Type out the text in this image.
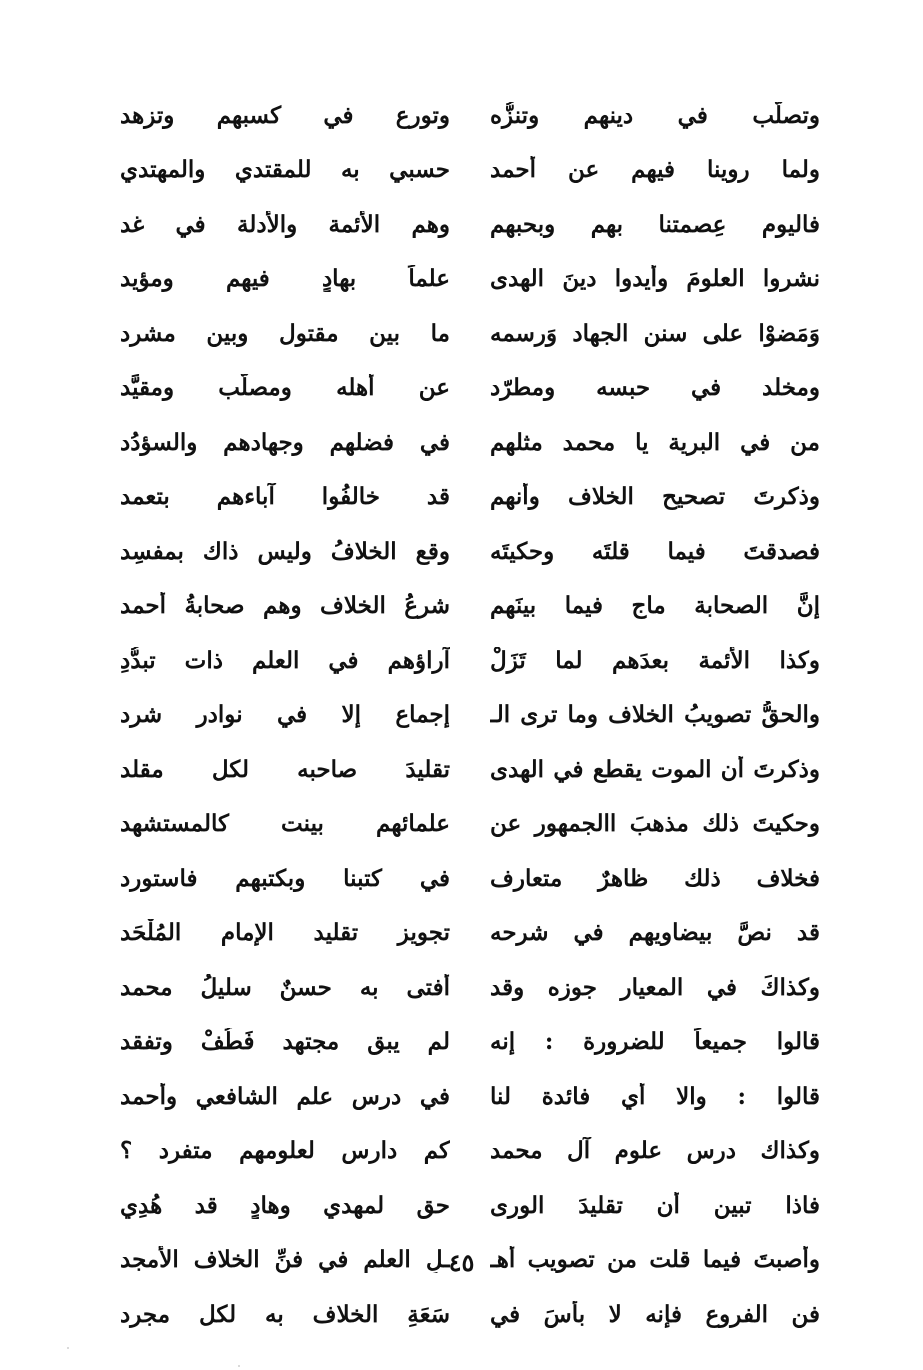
وتصلّب في دينهم وتنزُّه
وتورع في كسبهم وتزهد
ولما روينا فيهم عن أحمد
حسبي به للمقتدي والمهتدي
فاليوم عِصمتنا بهم وبحبهم
وهم الأئمة والأدلة في غد
نشروا العلومَ وأيدوا دينَ الهدى
علماً بهادٍ فيهم ومؤيد
وَمَضوْا على سنن الجهاد وَرسمه
ما بين مقتول وبين مشرد
ومخلد في حبسه ومطرّد
عن أهله ومصلّب ومقيَّد
من في البرية يا محمد مثلهم
في فضلهم وجهادهم والسؤدُد
وذكرتَ تصحيح الخلاف وأنهم
قد خالفُوا آباءهم بتعمد
فصدقتَ فيما قلتَه وحكيتَه
وقع الخلافُ وليس ذاك بمفسِد
إنَّ الصحابة ماج فيما بينَهم
شرعُ الخلاف وهم صحابةُ أحمد
وكذا الأئمة بعدَهم لما تَزَلْ
آراؤهم في العلمِ ذات تبدُّدِ
والحقُّ تصويبُ الخلاف وما ترى الـ
إجماع إلا في نوادر شرد
وذكرتَ أن الموت يقطع في الهدى
تقليدَ صاحبه لكل مقلد
وحكيتَ ذلك مذهبَ االجمهور عن
علمائهم بينت كالمستشهِد
فخلاف ذلك ظاهرٌ متعارف
في كتبنا وبكتبهم فاستورد
قد نصَّ بيضاويهم في شرحه
تجويز تقليد الإمام المُلْحَد
وكذاكَ في المعيار جوزه وقد
أفتى به حسنٌ سليلُ محمد
قالوا جميعاً للضرورة : إنه
لم يبق مجتهد فَطُفْ وتفقد
قالوا : والا أي فائدة لنا
في درس علم الشافعي وأحمد
وكذاك درس علومِ آل محمد
كم دارس لعلومهم متفرد ؟
فاذا تبين أن تقليدَ الورى
حق لمهدي وهادٍ قد هُدِي
وأصبتَ فيما قلت من تصويب أهـ
ـلِ العلم في فنِّ الخلاف الأمجد
فن الفروع فإنه لا بأسَ في
سَعَةِ الخلاف به لكل مجرد
٤٥
